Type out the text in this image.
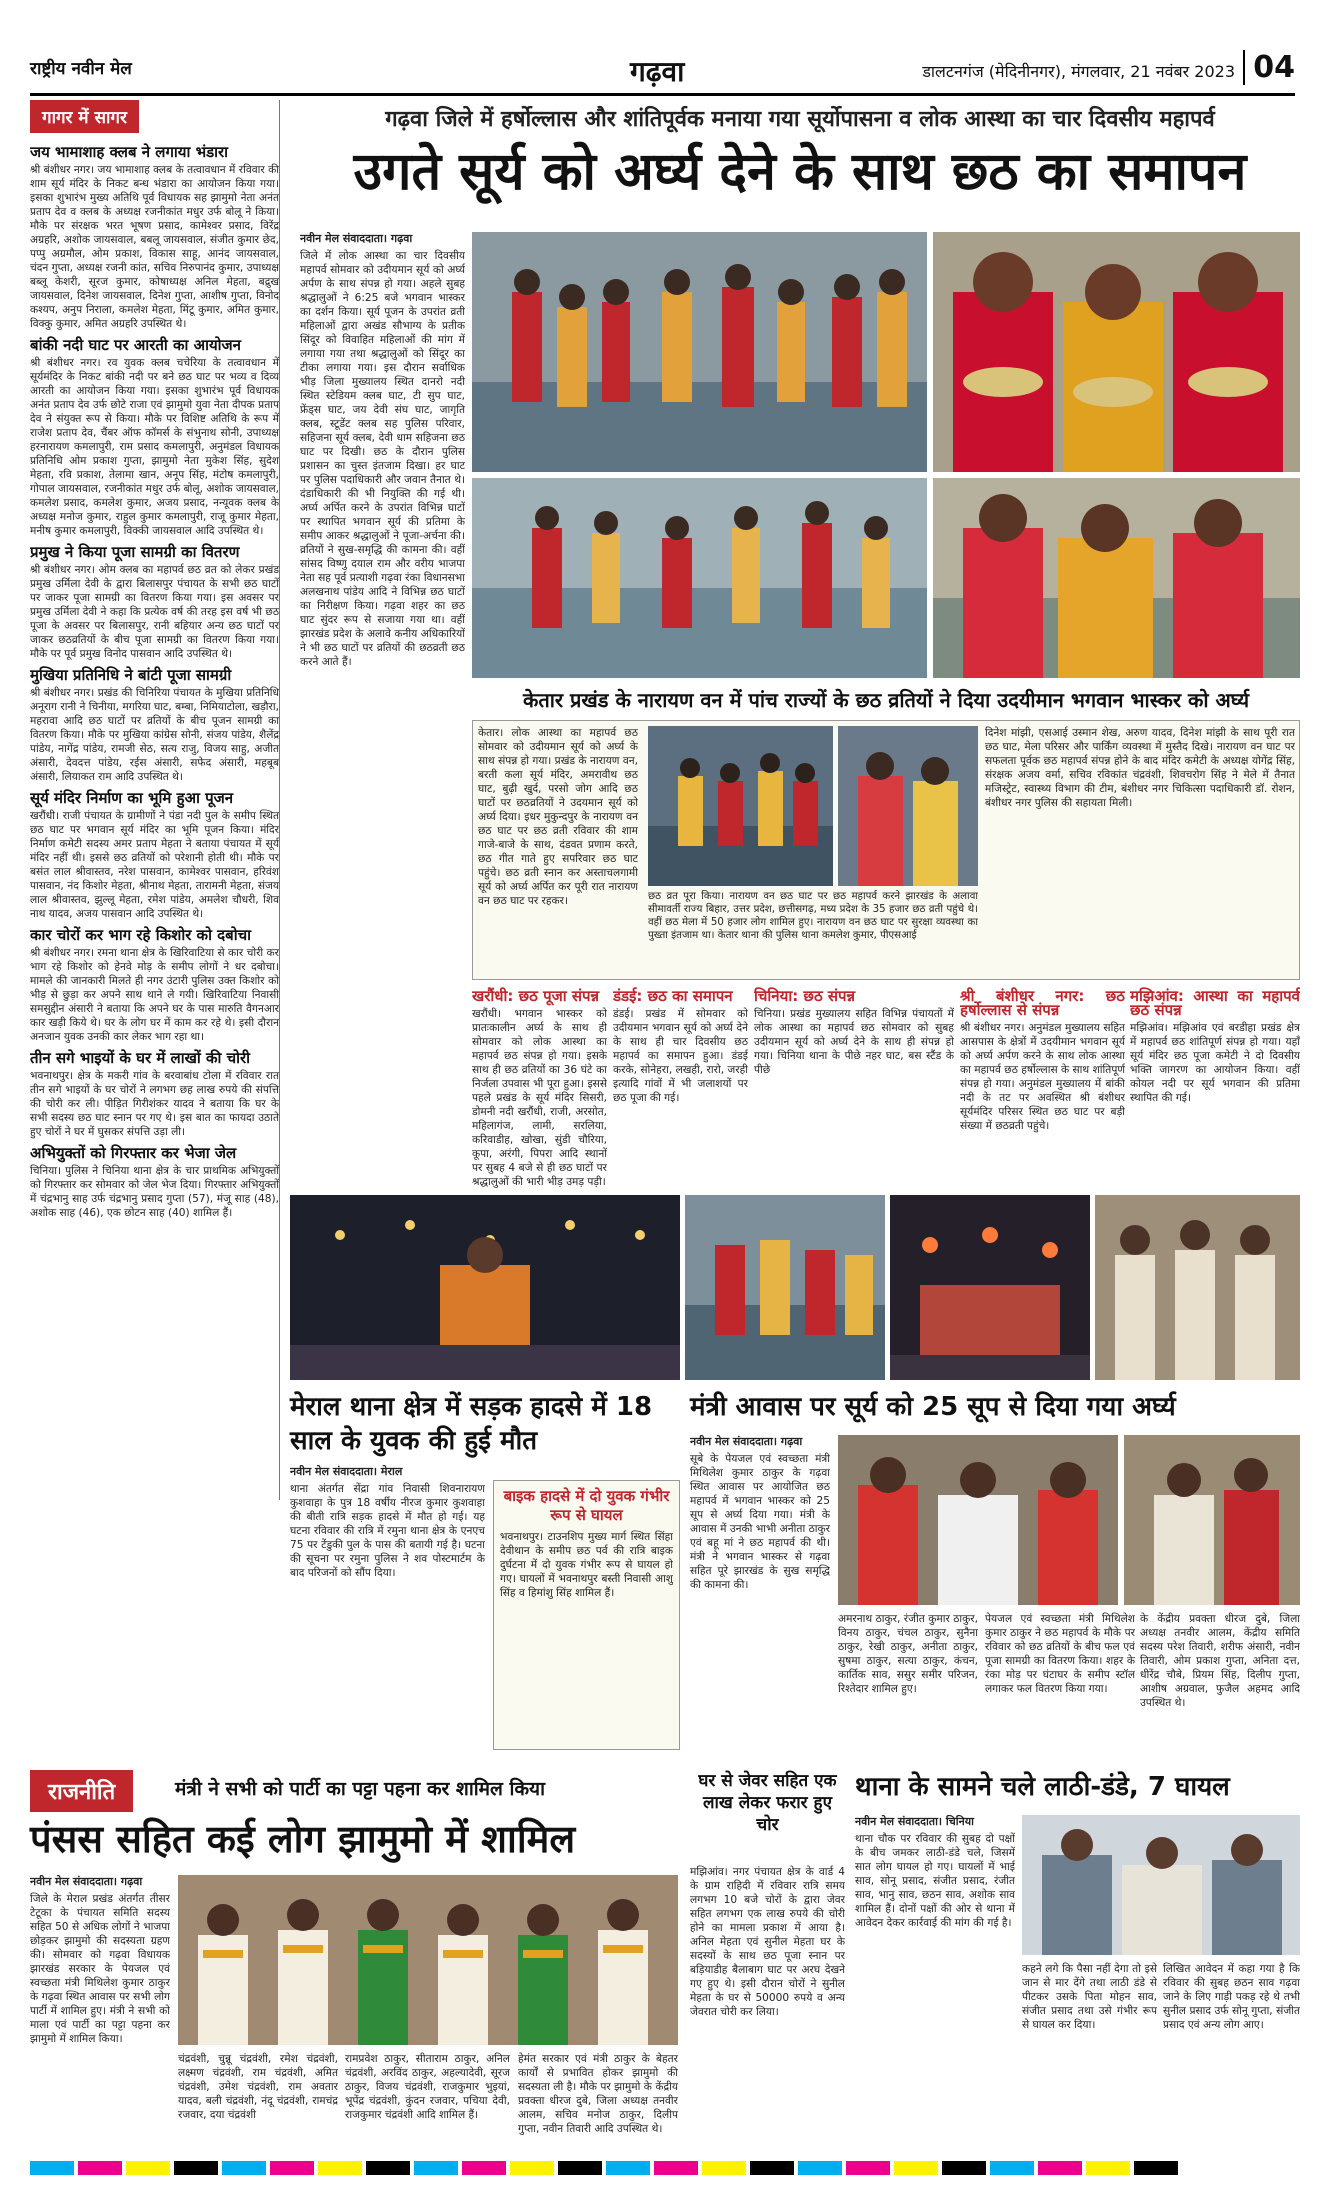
राष्ट्रीय नवीन मेल	गढ़वा	डालटनगंज (मेदिनीनगर), मंगलवार, 21 नवंबर 2023 04
गागर में सागर
जय भामाशाह क्लब ने लगाया भंडारा
श्री बंशीधर नगर। जय भामाशाह क्लब के तत्वावधान में रविवार की शाम सूर्य मंदिर के निकट बन्ध भंडारा का आयोजन किया गया। इसका शुभारंभ मुख्य अतिथि पूर्व विधायक सह झामुमो नेता अनंत प्रताप देव व क्लब के अध्यक्ष रजनीकांत मधुर उर्फ बोलू ने किया। मौके पर संरक्षक भरत भूषण प्रसाद, कामेश्वर प्रसाद, विरेंद्र अग्रहरि, अशोक जायसवाल, बबलू जायसवाल, संजीत कुमार छेद, पप्पु अग्रमौल, ओम प्रकाश, विकास साहू, आनंद जायसवाल, चंदन गुप्ता, अध्यक्ष रजनी कांत, सचिव निरुपानंद कुमार, उपाध्यक्ष बब्लू केशरी, सूरज कुमार, कोषाध्यक्ष अनिल मेहता, बद्रुख जायसवाल, दिनेश जायसवाल, दिनेश गुप्ता, आशीष गुप्ता, विनोद कश्यप, अनुप निराला, कमलेश मेहता, मिंटू कुमार, अमित कुमार, विक्कु कुमार, अमित अग्रहरि उपस्थित थे।
बांकी नदी घाट पर आरती का आयोजन
श्री बंशीधर नगर। रव युवक क्लब चचेरिया के तत्वावधान में सूर्यमंदिर के निकट बांकी नदी पर बने छठ घाट पर भव्य व दिव्य आरती का आयोजन किया गया। इसका शुभारंभ पूर्व विधायक अनंत प्रताप देव उर्फ छोटे राजा एवं झामुमो युवा नेता दीपक प्रताप देव ने संयुक्त रूप से किया। मौके पर विशिष्ट अतिथि के रूप में राजेश प्रताप देव, चैंबर ऑफ कॉमर्स के संभुनाथ सोनी, उपाध्यक्ष हरनारायण कमलापुरी, राम प्रसाद कमलापुरी, अनुमंडल विधायक प्रतिनिधि ओम प्रकाश गुप्ता, झामुमो नेता मुकेश सिंह, सुदेश मेहता, रवि प्रकाश, तेलामा खान, अनूप सिंह, मंटोष कमलापुरी, गोपाल जायसवाल, रजनीकांत मधुर उर्फ बोलू, अशोक जायसवाल, कमलेश प्रसाद, कमलेश कुमार, अजय प्रसाद, नन्यूवक क्लब के अध्यक्ष मनोज कुमार, राहुल कुमार कमलापुरी, राजू कुमार मेहता, मनीष कुमार कमलापुरी, विक्की जायसवाल आदि उपस्थित थे।
प्रमुख ने किया पूजा सामग्री का वितरण
श्री बंशीधर नगर। ओम क्लब का महापर्व छठ व्रत को लेकर प्रखंड प्रमुख उर्मिला देवी के द्वारा बिलासपुर पंचायत के सभी छठ घाटों पर जाकर पूजा सामग्री का वितरण किया गया। इस अवसर पर प्रमुख उर्मिला देवी ने कहा कि प्रत्येक वर्ष की तरह इस वर्ष भी छठ पूजा के अवसर पर बिलासपुर, रानी बहियार अन्य छठ घाटों पर जाकर छठव्रतियों के बीच पूजा सामग्री का वितरण किया गया। मौके पर पूर्व प्रमुख विनोद पासवान आदि उपस्थित थे।
मुखिया प्रतिनिधि ने बांटी पूजा सामग्री
श्री बंशीधर नगर। प्रखंड की चिनिरिया पंचायत के मुखिया प्रतिनिधि अनूराग रानी ने चिनीया, मगरिया घाट, बम्बा, निमियाटोला, खड़ौरा, महरावा आदि छठ घाटों पर व्रतियों के बीच पूजन सामग्री का वितरण किया। मौके पर मुखिया कांग्रेस सोनी, संजय पांडेय, शैलेंद्र पांडेय, नागेंद्र पांडेय, रामजी सेठ, सत्य राजु, विजय साहु, अजीत अंसारी, देवदत्त पांडेय, रईस अंसारी, सफेद अंसारी, महबूब अंसारी, लियाकत राम आदि उपस्थित थे।
सूर्य मंदिर निर्माण का भूमि हुआ पूजन
खरौंधी। राजी पंचायत के ग्रामीणों ने पंडा नदी पुल के समीप स्थित छठ घाट पर भगवान सूर्य मंदिर का भूमि पूजन किया। मंदिर निर्माण कमेटी सदस्य अमर प्रताप मेहता ने बताया पंचायत में सूर्य मंदिर नहीं थी। इससे छठ व्रतियों को परेशानी होती थी। मौके पर बसंत लाल श्रीवास्तव, नरेश पासवान, कामेश्वर पासवान, हरिवंश पासवान, नंद किशोर मेहता, श्रीनाथ मेहता, तारामनी मेहता, संजय लाल श्रीवास्तव, झुल्लू मेहता, रमेश पांडेय, अमलेश चौधरी, शिव नाथ यादव, अजय पासवान आदि उपस्थित थे।
कार चोरों कर भाग रहे किशोर को दबोचा
श्री बंशीधर नगर। रमना थाना क्षेत्र के खिरिवाटिया से कार चोरी कर भाग रहे किशोर को हेनवे मोड़ के समीप लोगों ने धर दबोचा। मामले की जानकारी मिलते ही नगर उंटारी पुलिस उक्त किशोर को भीड़ से छुड़ा कर अपने साथ थाने ले गयी। खिरिवाटिया निवासी समसुद्दीन अंसारी ने बताया कि अपने घर के पास मारुति वैगनआर कार खड़ी किये थे। घर के लोग घर में काम कर रहे थे। इसी दौरान अनजान युवक उनकी कार लेकर भाग रहा था।
तीन सगे भाइयों के घर में लाखों की चोरी
भवनाथपुर। क्षेत्र के मकरी गांव के बरवाबांध टोला में रविवार रात तीन सगे भाइयों के घर चोरों ने लगभग छह लाख रुपये की संपत्ति की चोरी कर ली। पीड़ित गिरीशंकर यादव ने बताया कि घर के सभी सदस्य छठ घाट स्नान पर गए थे। इस बात का फायदा उठाते हुए चोरों ने घर में घुसकर संपत्ति उड़ा ली।
अभियुक्तों को गिरफ्तार कर भेजा जेल
चिनिया। पुलिस ने चिनिया थाना क्षेत्र के चार प्राथमिक अभियुक्तों को गिरफ्तार कर सोमवार को जेल भेज दिया। गिरफ्तार अभियुक्तों में चंद्रभानु साह उर्फ चंद्रभानु प्रसाद गुप्ता (57), मंजू साह (48), अशोक साह (46), एक छोटन साह (40) शामिल हैं।
गढ़वा जिले में हर्षोल्लास और शांतिपूर्वक मनाया गया सूर्योपासना व लोक आस्था का चार दिवसीय महापर्व
उगते सूर्य को अर्घ्य देने के साथ छठ का समापन
नवीन मेल संवाददाता। गढ़वा
जिले में लोक आस्था का चार दिवसीय महापर्व सोमवार को उदीयमान सूर्य को अर्घ्य अर्पण के साथ संपन्न हो गया। अहले सुबह श्रद्धालुओं ने 6:25 बजे भगवान भास्कर का दर्शन किया। सूर्य पूजन के उपरांत व्रती महिलाओं द्वारा अखंड सौभाग्य के प्रतीक सिंदूर को विवाहित महिलाओं की मांग में लगाया गया तथा श्रद्धालुओं को सिंदूर का टीका लगाया गया। इस दौरान सर्वाधिक भीड़ जिला मुख्यालय स्थित दानरो नदी स्थित स्टेडियम क्लब घाट, टी सुप घाट, फ्रेंड्स घाट, जय देवी संघ घाट, जागृति क्लब, स्टूडेंट क्लब सह पुलिस परिवार, सहिजना सूर्य क्लब, देवी धाम सहिजना छठ घाट पर दिखी। छठ के दौरान पुलिस प्रशासन का चुस्त इंतजाम दिखा। हर घाट पर पुलिस पदाधिकारी और जवान तैनात थे। दंडाधिकारी की भी नियुक्ति की गई थी। अर्घ्य अर्पित करने के उपरांत विभिन्न घाटों पर स्थापित भगवान सूर्य की प्रतिमा के समीप आकर श्रद्धालुओं ने पूजा-अर्चना की। व्रतियों ने सुख-समृद्धि की कामना की। वहीं सांसद विष्णु दयाल राम और वरीय भाजपा नेता सह पूर्व प्रत्याशी गढ़वा रंका विधानसभा अलखनाथ पांडेय आदि ने विभिन्न छठ घाटों का निरीक्षण किया। गढ़वा शहर का छठ घाट सुंदर रूप से सजाया गया था। वहीं झारखंड प्रदेश के अलावे कनीय अधिकारियों ने भी छठ घाटों पर व्रतियों की छठव्रती छठ करने आते हैं।
केतार प्रखंड के नारायण वन में पांच राज्यों के छठ व्रतियों ने दिया उदयीमान भगवान भास्कर को अर्घ्य
केतार। लोक आस्था का महापर्व छठ सोमवार को उदीयमान सूर्य को अर्घ्य के साथ संपन्न हो गया। प्रखंड के नारायण वन, बरती कला सूर्य मंदिर, अमरावीथ छठ घाट, बुढ़ी खुर्द, परसो जोग आदि छठ घाटों पर छठव्रतियों ने उदयमान सूर्य को अर्घ्य दिया। इधर मुकुन्दपुर के नारायण वन छठ घाट पर छठ व्रती रविवार की शाम गाजे-बाजे के साथ, दंडवत प्रणाम करते, छठ गीत गाते हुए सपरिवार छठ घाट पहुंचे। छठ व्रती स्नान कर अस्ताचलगामी सूर्य को अर्घ्य अर्पित कर पूरी रात नारायण वन छठ घाट पर रहकर।	छठ व्रत पूरा किया। नारायण वन छठ घाट पर छठ महापर्व करने झारखंड के अलावा सीमावर्ती राज्य बिहार, उत्तर प्रदेश, छत्तीसगढ़, मध्य प्रदेश के 35 हजार छठ व्रती पहुंचे थे। वहीं छठ मेला में 50 हजार लोग शामिल हुए। नारायण वन छठ घाट पर सुरक्षा व्यवस्था का पुख्ता इंतजाम था। केतार थाना की पुलिस थाना कमलेश कुमार, पीएसआई
दिनेश मांझी, एसआई उस्मान शेख, अरुण यादव, दिनेश मांझी के साथ पूरी रात छठ घाट, मेला परिसर और पार्किंग व्यवस्था में मुस्तैद दिखे। नारायण वन घाट पर सफलता पूर्वक छठ महापर्व संपन्न होने के बाद मंदिर कमेटी के अध्यक्ष योगेंद्र सिंह, संरक्षक अजय वर्मा, सचिव रविकांत चंद्रवंशी, शिवचरोग सिंह ने मेले में तैनात मजिस्ट्रेट, स्वास्थ्य विभाग की टीम, बंशीधर नगर चिकित्सा पदाधिकारी डॉ. रोशन, बंशीधर नगर पुलिस की सहायता मिली।
खरौंधी: छठ पूजा संपन्न
खरौंधी। भगवान भास्कर को प्रातःकालीन अर्घ्य के साथ ही सोमवार को लोक आस्था का महापर्व छठ संपन्न हो गया। इसके साथ ही छठ व्रतियों का 36 घंटे का निर्जला उपवास भी पूरा हुआ। इससे पहले प्रखंड के सूर्य मंदिर सिसरी, डोमनी नदी खरौंधी, राजी, अरसोत, महिलागंज, लामी, सरलिया, करिवाडीह, खोखा, सुंडी चौरिया, कूपा, अरंगी, पिपरा आदि स्थानों पर सुबह 4 बजे से ही छठ घाटों पर श्रद्धालुओं की भारी भीड़ उमड़ पड़ी।
डंडई: छठ का समापन
डंडई। प्रखंड में सोमवार को उदीयमान भगवान सूर्य को अर्घ्य देने के साथ ही चार दिवसीय छठ महापर्व का समापन हुआ। डंडई करके, सोनेहरा, लखही, रारो, जरही इत्यादि गांवों में भी जलाशयों पर छठ पूजा की गई।
चिनिया: छठ संपन्न
चिनिया। प्रखंड मुख्यालय सहित विभिन्न पंचायतों में लोक आस्था का महापर्व छठ सोमवार को सुबह उदीयमान सूर्य को अर्घ्य देने के साथ ही संपन्न हो गया। चिनिया थाना के पीछे नहर घाट, बस स्टैंड के पीछे
श्री बंशीधर नगर: छठ हर्षोल्लास से संपन्न
श्री बंशीधर नगर। अनुमंडल मुख्यालय सहित आसपास के क्षेत्रों में उदयीमान भगवान सूर्य को अर्घ्य अर्पण करने के साथ लोक आस्था का महापर्व छठ हर्षोल्लास के साथ शांतिपूर्ण संपन्न हो गया। अनुमंडल मुख्यालय में बांकी नदी के तट पर अवस्थित श्री बंशीधर सूर्यमंदिर परिसर स्थित छठ घाट पर बड़ी संख्या में छठव्रती पहुंचे।
मझिआंव: आस्था का महापर्व छठ संपन्न
मझिआंव। मझिआंव एवं बरडीहा प्रखंड क्षेत्र में महापर्व छठ शांतिपूर्ण संपन्न हो गया। यहाँ सूर्य मंदिर छठ पूजा कमेटी ने दो दिवसीय भक्ति जागरण का आयोजन किया। वहीं कोयल नदी पर सूर्य भगवान की प्रतिमा स्थापित की गई।
मेराल थाना क्षेत्र में सड़क हादसे में 18 साल के युवक की हुई मौत
नवीन मेल संवाददाता। मेराल
थाना अंतर्गत सेंद्रा गांव निवासी शिवनारायण कुशवाहा के पुत्र 18 वर्षीय नीरज कुमार कुशवाहा की बीती रात्रि सड़क हादसे में मौत हो गई। यह घटना रविवार की रात्रि में रमुना थाना क्षेत्र के एनएच 75 पर टेंडुकी पुल के पास की बतायी गई है। घटना की सूचना पर रमुना पुलिस ने शव पोस्टमार्टम के बाद परिजनों को सौंप दिया।
बाइक हादसे में दो युवक गंभीर रूप से घायल
भवनाथपुर। टाउनशिप मुख्य मार्ग स्थित सिंहा देवीथान के समीप छठ पर्व की रात्रि बाइक दुर्घटना में दो युवक गंभीर रूप से घायल हो गए। घायलों में भवनाथपुर बस्ती निवासी आशु सिंह व हिमांशु सिंह शामिल हैं।
मंत्री आवास पर सूर्य को 25 सूप से दिया गया अर्घ्य
नवीन मेल संवाददाता। गढ़वा
सूबे के पेयजल एवं स्वच्छता मंत्री मिथिलेश कुमार ठाकुर के गढ़वा स्थित आवास पर आयोजित छठ महापर्व में भगवान भास्कर को 25 सूप से अर्घ्य दिया गया। मंत्री के आवास में उनकी भाभी अनीता ठाकुर एवं बहू मां ने छठ महापर्व की थी। मंत्री ने भगवान भास्कर से गढ़वा सहित पूरे झारखंड के सुख समृद्धि की कामना की।
अमरनाथ ठाकुर, रंजीत कुमार ठाकुर, विनय ठाकुर, चंचल ठाकुर, सुनैना ठाकुर, रेखी ठाकुर, अनीता ठाकुर, सुषमा ठाकुर, सत्या ठाकुर, कंचन, कार्तिक साव, ससुर समीर परिजन, रिश्तेदार शामिल हुए।
पेयजल एवं स्वच्छता मंत्री मिथिलेश कुमार ठाकुर ने छठ महापर्व के मौके पर रविवार को छठ व्रतियों के बीच फल एवं पूजा सामग्री का वितरण किया। शहर के रंका मोड़ पर घंटाघर के समीप स्टॉल लगाकर फल वितरण किया गया।
के केंद्रीय प्रवक्ता धीरज दुबे, जिला अध्यक्ष तनवीर आलम, केंद्रीय समिति सदस्य परेश तिवारी, शरीफ अंसारी, नवीन तिवारी, ओम प्रकाश गुप्ता, अनिता दत्त, धीरेंद्र चौबे, प्रियम सिंह, दिलीप गुप्ता, आशीष अग्रवाल, फुजैल अहमद आदि उपस्थित थे।
राजनीति	मंत्री ने सभी को पार्टी का पट्टा पहना कर शामिल किया
पंसस सहित कई लोग झामुमो में शामिल
नवीन मेल संवाददाता। गढ़वा
जिले के मेराल प्रखंड अंतर्गत तीसर टेटूका के पंचायत समिति सदस्य सहित 50 से अधिक लोगों ने भाजपा छोड़कर झामुमो की सदस्यता ग्रहण की। सोमवार को गढ़वा विधायक झारखंड सरकार के पेयजल एवं स्वच्छता मंत्री मिथिलेश कुमार ठाकुर के गढ़वा स्थित आवास पर सभी लोग पार्टी में शामिल हुए। मंत्री ने सभी को माला एवं पार्टी का पट्टा पहना कर झामुमो में शामिल किया।
चंद्रवंशी, चुन्नू चंद्रवंशी, रमेश चंद्रवंशी, लक्ष्मण चंद्रवंशी, राम चंद्रवंशी, अमित चंद्रवंशी, उमेश चंद्रवंशी, राम अवतार यादव, बली चंद्रवंशी, नंदू चंद्रवंशी, रामचंद्र रजवार, दया चंद्रवंशी
रामप्रवेश ठाकुर, सीताराम ठाकुर, अनिल चंद्रवंशी, अरविंद ठाकुर, अहल्यादेवी, सूरज ठाकुर, विजय चंद्रवंशी, राजकुमार भुइयां, भूपेंद्र चंद्रवंशी, कुंदन रजवार, पचिया देवी, राजकुमार चंद्रवंशी आदि शामिल हैं।
हेमंत सरकार एवं मंत्री ठाकुर के बेहतर कार्यों से प्रभावित होकर झामुमो की सदस्यता ली है। मौके पर झामुमो के केंद्रीय प्रवक्ता धीरज दुबे, जिला अध्यक्ष तनवीर आलम, सचिव मनोज ठाकुर, दिलीप गुप्ता, नवीन तिवारी आदि उपस्थित थे।
घर से जेवर सहित एक लाख लेकर फरार हुए चोर
मझिआंव। नगर पंचायत क्षेत्र के वार्ड 4 के ग्राम राहिदी में रविवार रात्रि समय लगभग 10 बजे चोरों के द्वारा जेवर सहित लगभग एक लाख रुपये की चोरी होने का मामला प्रकाश में आया है। अनिल मेहता एवं सुनील मेहता घर के सदस्यों के साथ छठ पूजा स्नान पर बड़ियाडीह बैलाबाग घाट पर अरघ देखने गए हुए थे। इसी दौरान चोरों ने सुनील मेहता के घर से 50000 रुपये व अन्य जेवरात चोरी कर लिया।
थाना के सामने चले लाठी-डंडे, 7 घायल
नवीन मेल संवाददाता। चिनिया
थाना चौक पर रविवार की सुबह दो पक्षों के बीच जमकर लाठी-डंडे चले, जिसमें सात लोग घायल हो गए। घायलों में भाई साव, सोनू प्रसाद, संजीत प्रसाद, रंजीत साव, भानु साव, छठन साव, अशोक साव शामिल हैं। दोनों पक्षों की ओर से थाना में आवेदन देकर कार्रवाई की मांग की गई है।
कहने लगे कि पैसा नहीं देगा तो इसे जान से मार देंगे तथा लाठी डंडे से पीटकर उसके पिता मोहन साव, संजीत प्रसाद तथा उसे गंभीर रूप से घायल कर दिया।
लिखित आवेदन में कहा गया है कि रविवार की सुबह छठन साव गढ़वा जाने के लिए गाड़ी पकड़ रहे थे तभी सुनील प्रसाद उर्फ सोनू गुप्ता, संजीत प्रसाद एवं अन्य लोग आए।
